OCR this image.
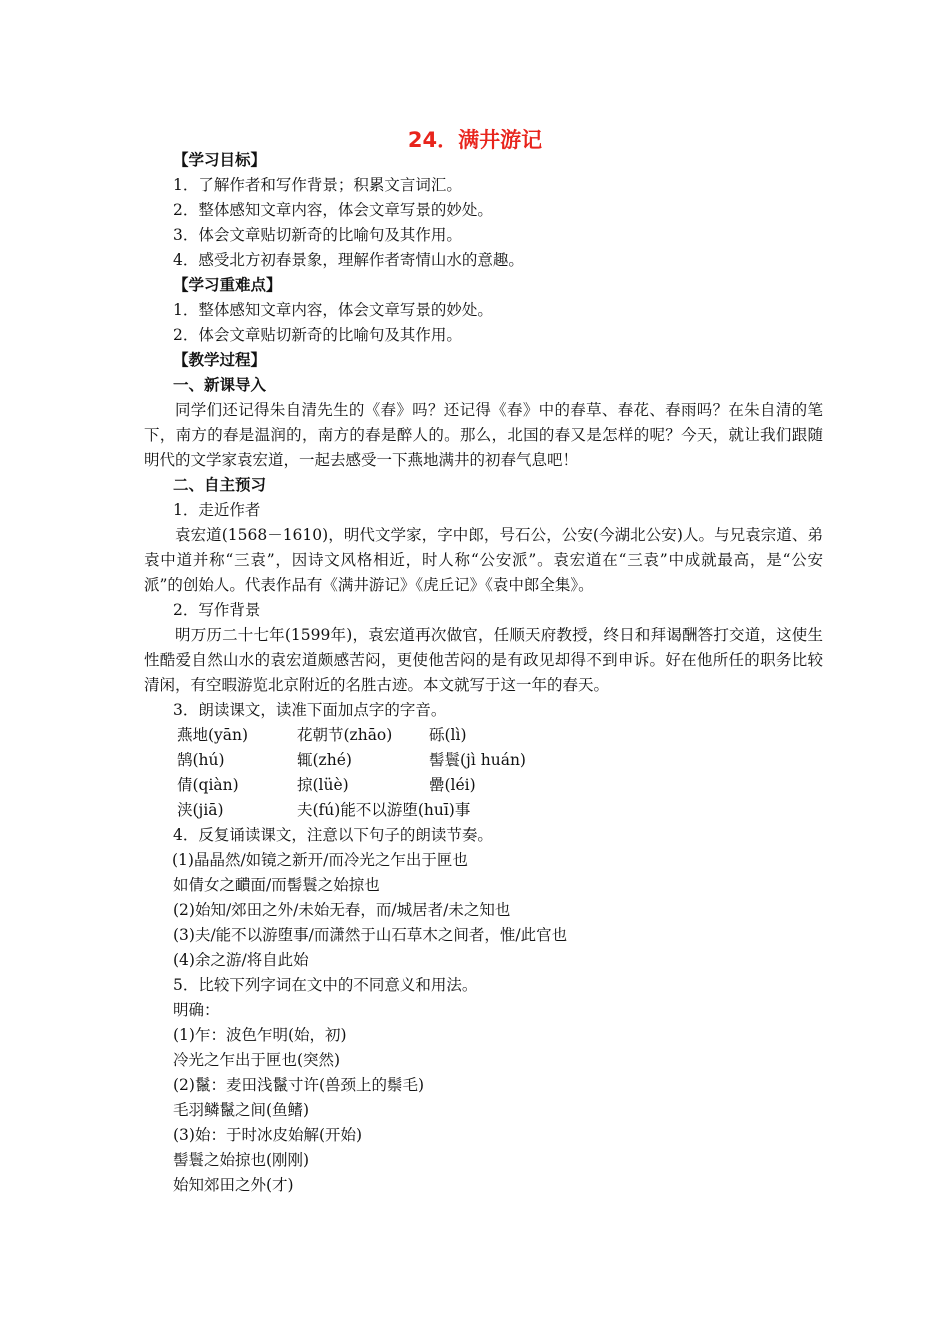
24．满井游记
【学习目标】
1．了解作者和写作背景；积累文言词汇。
2．整体感知文章内容，体会文章写景的妙处。
3．体会文章贴切新奇的比喻句及其作用。
4．感受北方初春景象，理解作者寄情山水的意趣。
【学习重难点】
1．整体感知文章内容，体会文章写景的妙处。
2．体会文章贴切新奇的比喻句及其作用。
【教学过程】
一、新课导入
同学们还记得朱自清先生的《春》吗？还记得《春》中的春草、春花、春雨吗？在朱自清的笔下，南方的春是温润的，南方的春是醉人的。那么，北国的春又是怎样的呢？今天，就让我们跟随明代的文学家袁宏道，一起去感受一下燕地满井的初春气息吧！
二、自主预习
1．走近作者
袁宏道(1568－1610)，明代文学家，字中郎，号石公，公安(今湖北公安)人。与兄袁宗道、弟袁中道并称“三袁”，因诗文风格相近，时人称“公安派”。袁宏道在“三袁”中成就最高，是“公安派”的创始人。代表作品有《满井游记》《虎丘记》《袁中郎全集》。
2．写作背景
明万历二十七年(1599年)，袁宏道再次做官，任顺天府教授，终日和拜谒酬答打交道，这使生性酷爱自然山水的袁宏道颇感苦闷，更使他苦闷的是有政见却得不到申诉。好在他所任的职务比较清闲，有空暇游览北京附近的名胜古迹。本文就写于这一年的春天。
3．朗读课文，读准下面加点字的字音。
燕地(yān)	花朝节(zhāo) 砾(lì)
鹄(hú)	辄(zhé)	髻鬟(jì huán)
倩(qiàn)	掠(lüè)	罍(léi)
浃(jiā)	夫(fú)能不以游堕(huī)事
4．反复诵读课文，注意以下句子的朗读节奏。
(1)晶晶然/如镜之新开/而冷光之乍出于匣也
如倩女之靧面/而髻鬟之始掠也
(2)始知/郊田之外/未始无春，而/城居者/未之知也
(3)夫/能不以游堕事/而潇然于山石草木之间者，惟/此官也
(4)余之游/将自此始
5．比较下列字词在文中的不同意义和用法。
明确：
(1)乍：波色乍明(始，初)
冷光之乍出于匣也(突然)
(2)鬣：麦田浅鬣寸许(兽颈上的鬃毛)
毛羽鳞鬣之间(鱼鳍)
(3)始：于时冰皮始解(开始)
髻鬟之始掠也(刚刚)
始知郊田之外(才)
